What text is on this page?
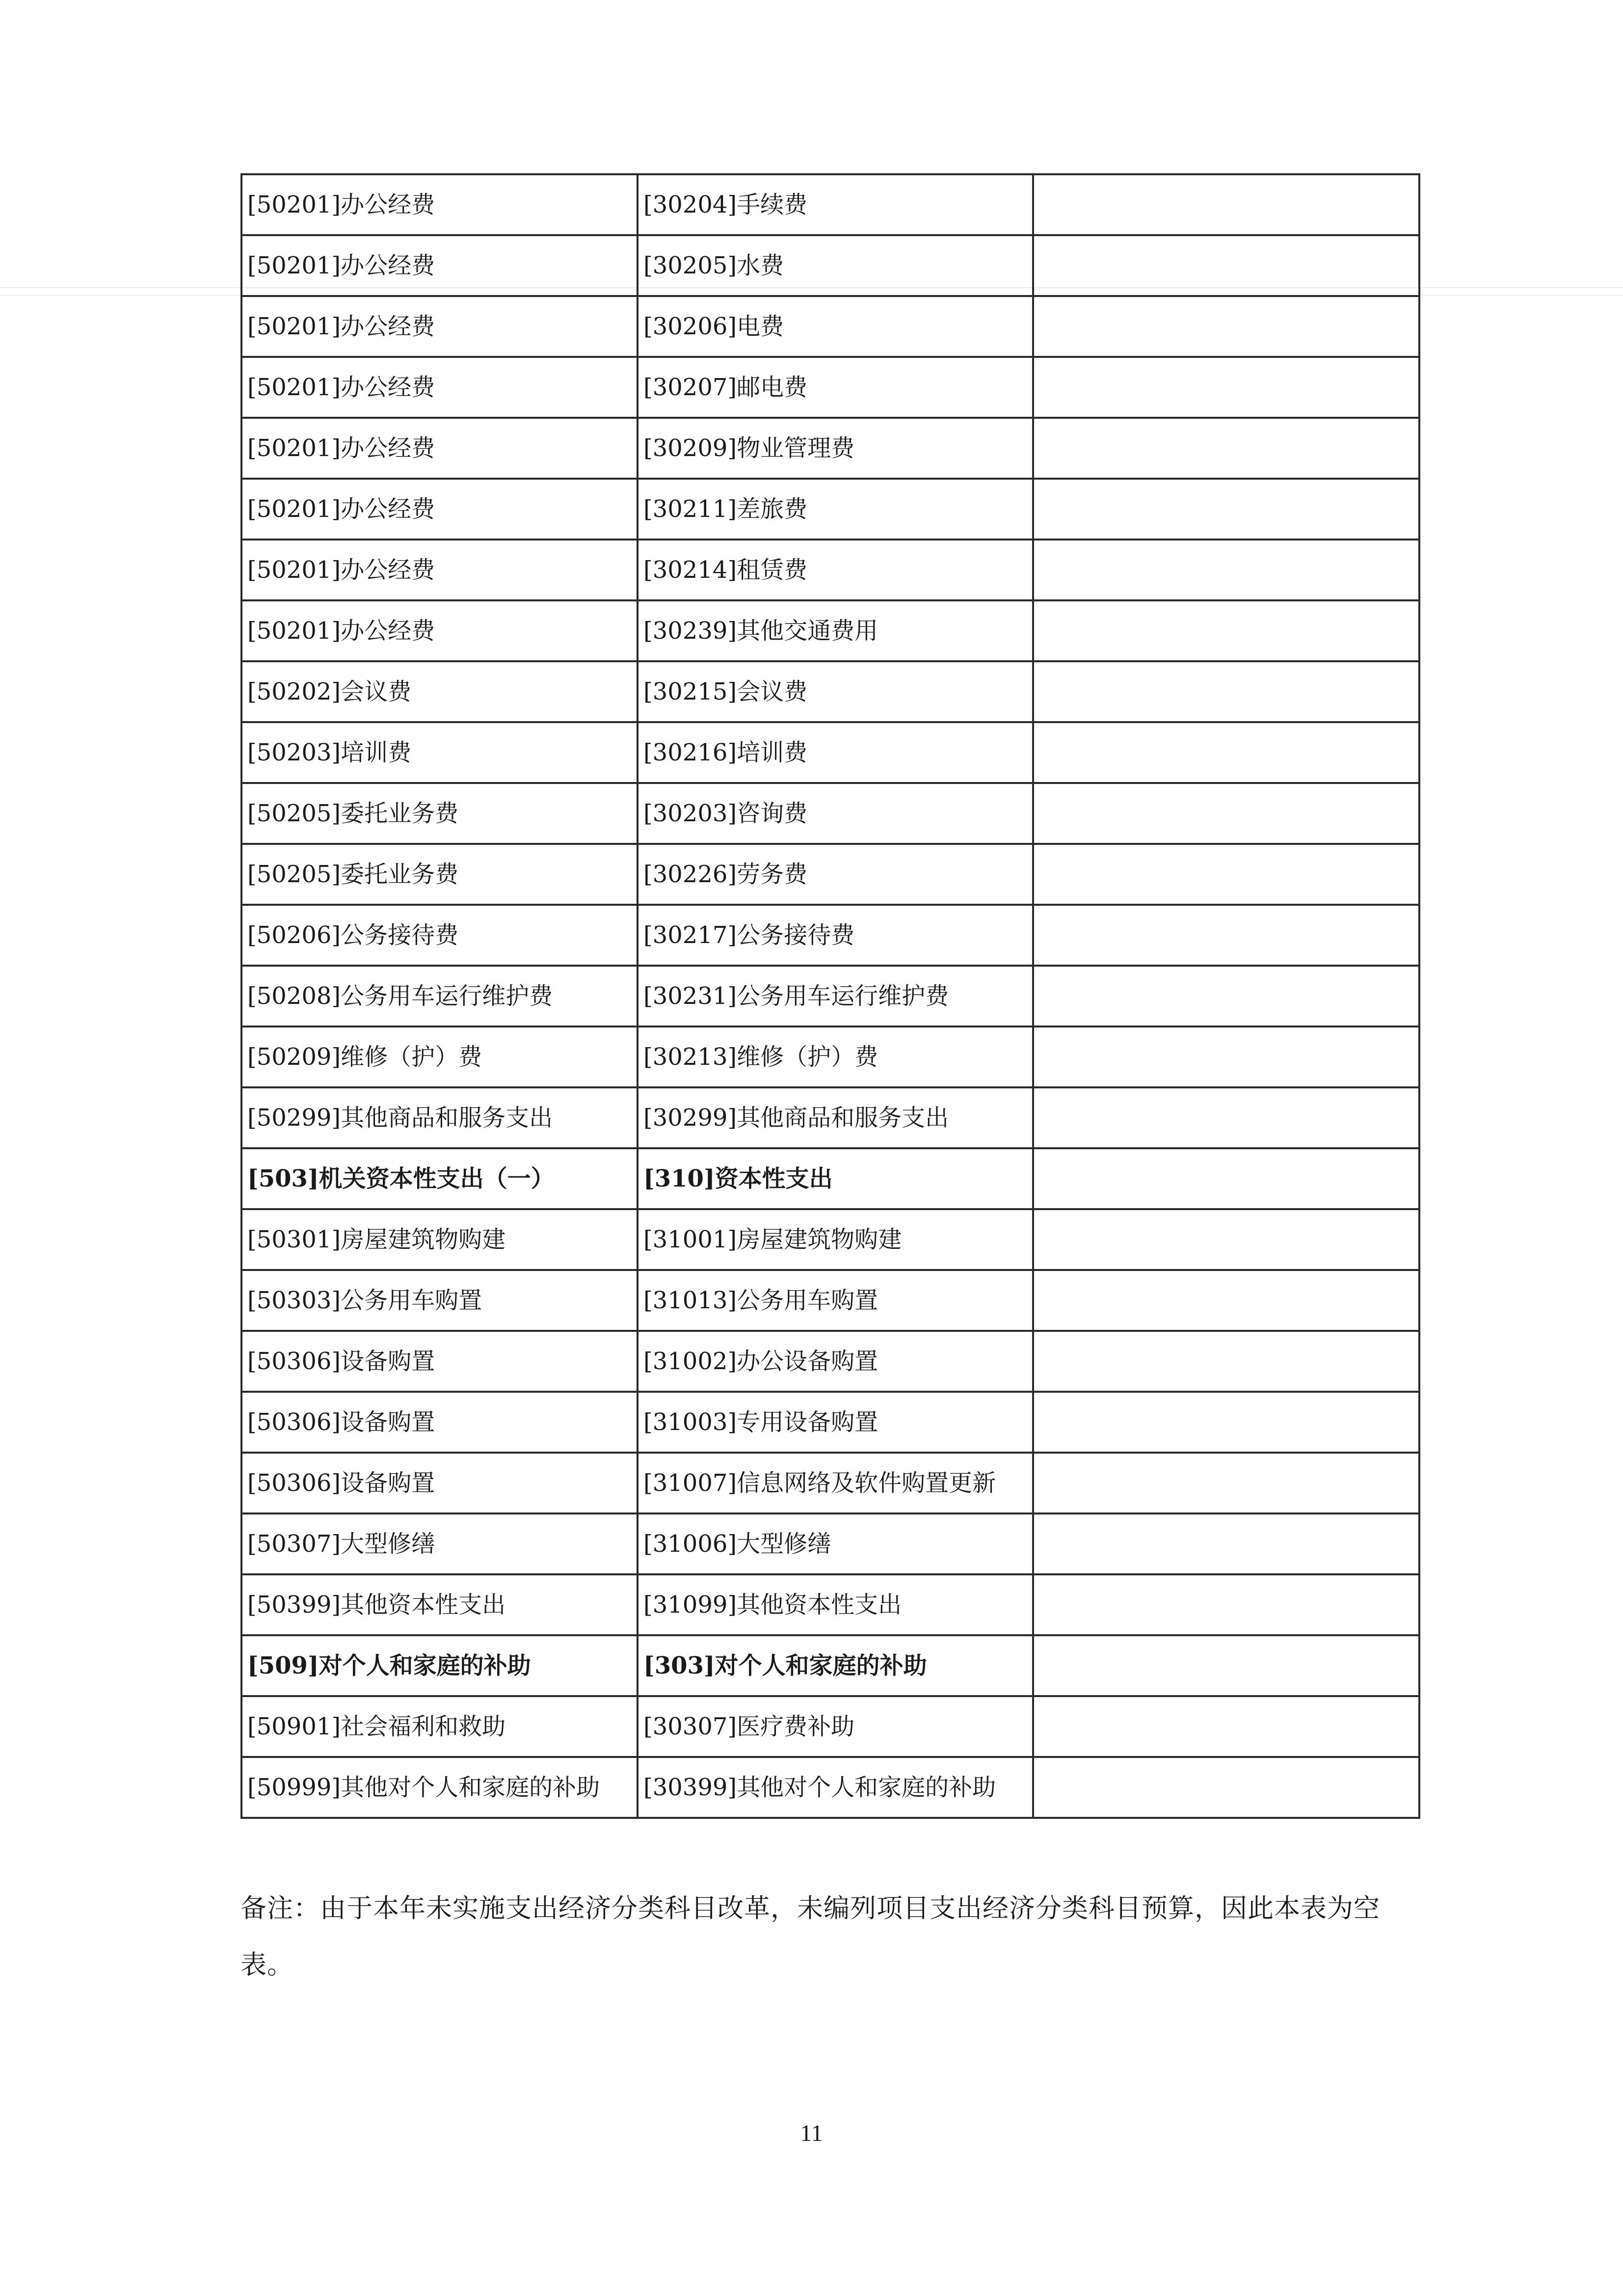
[50201]办公经费	[30204]手续费	
[50201]办公经费	[30205]水费	
[50201]办公经费	[30206]电费	
[50201]办公经费	[30207]邮电费	
[50201]办公经费	[30209]物业管理费	
[50201]办公经费	[30211]差旅费	
[50201]办公经费	[30214]租赁费	
[50201]办公经费	[30239]其他交通费用	
[50202]会议费	[30215]会议费	
[50203]培训费	[30216]培训费	
[50205]委托业务费	[30203]咨询费	
[50205]委托业务费	[30226]劳务费	
[50206]公务接待费	[30217]公务接待费	
[50208]公务用车运行维护费	[30231]公务用车运行维护费	
[50209]维修（护）费	[30213]维修（护）费	
[50299]其他商品和服务支出	[30299]其他商品和服务支出	
[503]机关资本性支出（一）	[310]资本性支出	
[50301]房屋建筑物购建	[31001]房屋建筑物购建	
[50303]公务用车购置	[31013]公务用车购置	
[50306]设备购置	[31002]办公设备购置	
[50306]设备购置	[31003]专用设备购置	
[50306]设备购置	[31007]信息网络及软件购置更新	
[50307]大型修缮	[31006]大型修缮	
[50399]其他资本性支出	[31099]其他资本性支出	
[509]对个人和家庭的补助	[303]对个人和家庭的补助	
[50901]社会福利和救助	[30307]医疗费补助	
[50999]其他对个人和家庭的补助	[30399]其他对个人和家庭的补助	
备注：由于本年未实施支出经济分类科目改革，未编列项目支出经济分类科目预算，因此本表为空表。
11
